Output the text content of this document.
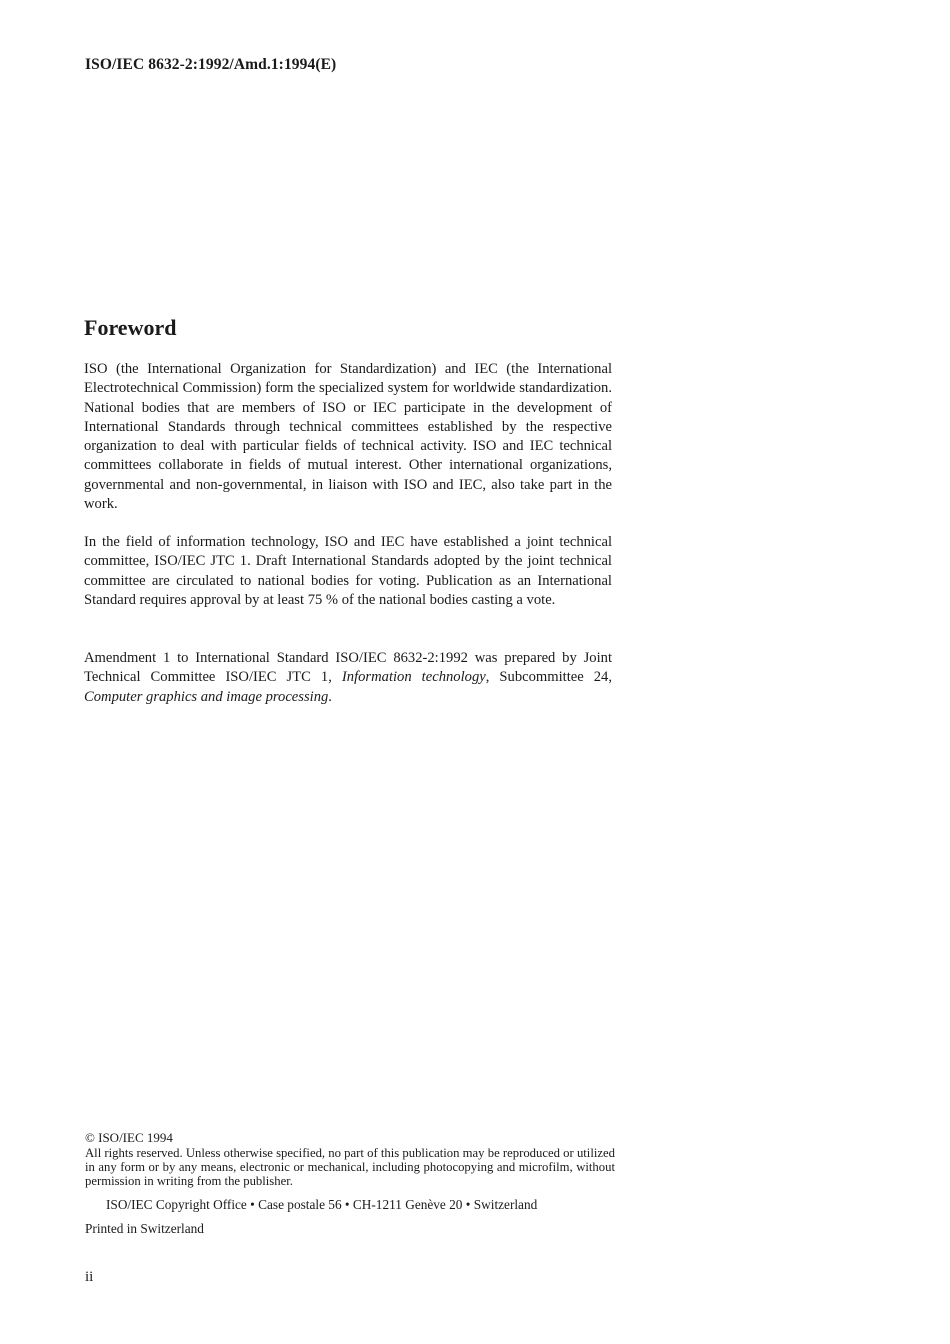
ISO/IEC 8632-2:1992/Amd.1:1994(E)
Foreword

ISO (the International Organization for Standardization) and IEC (the International Electrotechnical Commission) form the specialized system for worldwide standardization. National bodies that are members of ISO or IEC participate in the development of International Standards through technical committees established by the respective organization to deal with particular fields of technical activity. ISO and IEC technical committees collaborate in fields of mutual interest. Other international organizations, governmental and non-governmental, in liaison with ISO and IEC, also take part in the work.

In the field of information technology, ISO and IEC have established a joint technical committee, ISO/IEC JTC 1. Draft International Standards adopted by the joint technical committee are circulated to national bodies for voting. Publication as an International Standard requires approval by at least 75 % of the national bodies casting a vote.

Amendment 1 to International Standard ISO/IEC 8632-2:1992 was prepared by Joint Technical Committee ISO/IEC JTC 1, Information technology, Subcommittee 24, Computer graphics and image processing.

© ISO/IEC 1994

All rights reserved. Unless otherwise specified, no part of this publication may be reproduced or utilized in any form or by any means, electronic or mechanical, including photocopying and microfilm, without permission in writing from the publisher.

ISO/IEC Copyright Office • Case postale 56 • CH-1211 Genève 20 • Switzerland
Printed in Switzerland
ii
